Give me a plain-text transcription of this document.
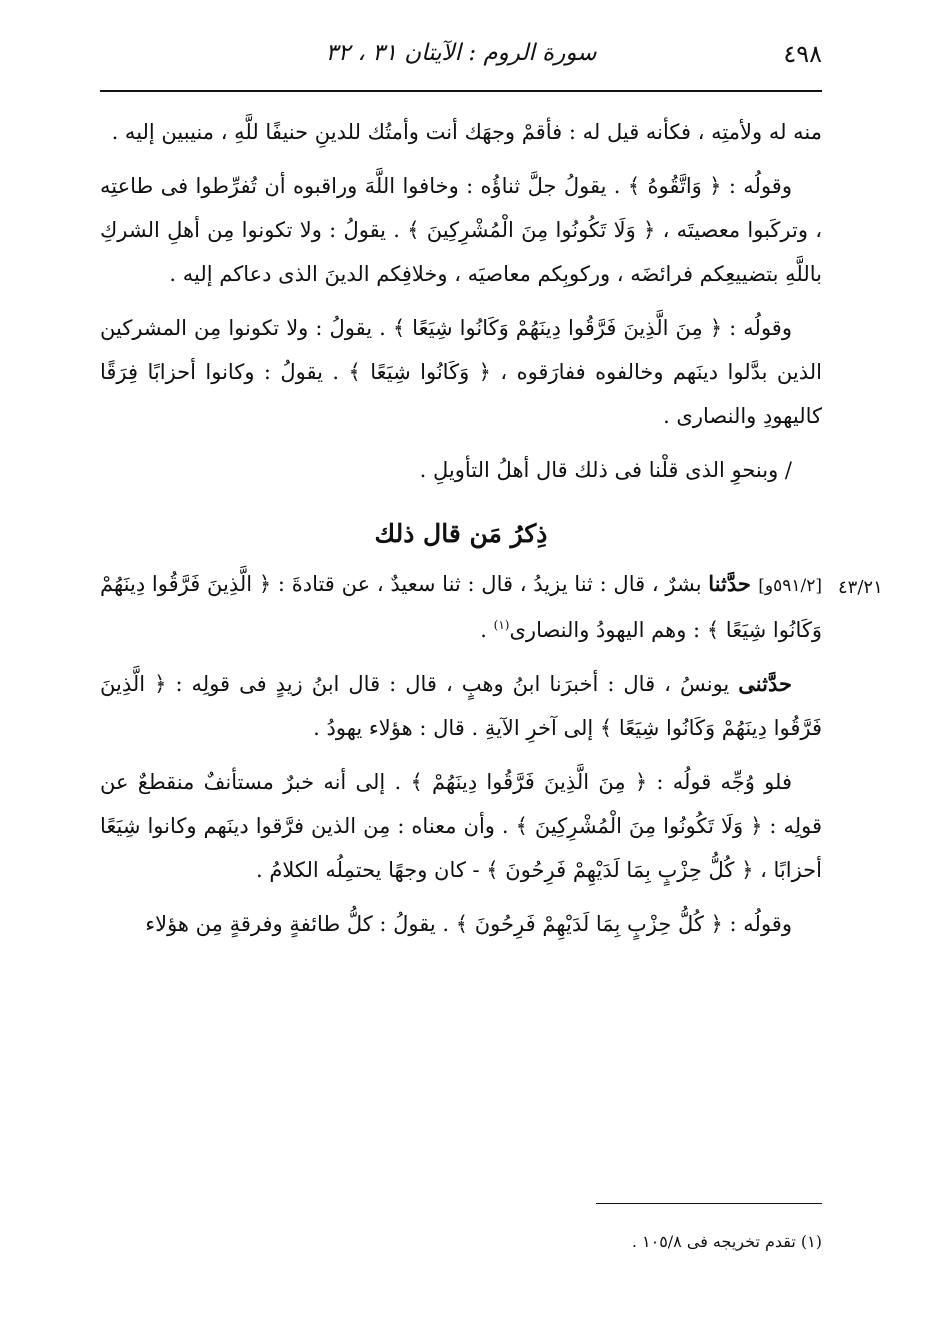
٤٩٨
سورة الروم : الآيتان ٣١ ، ٣٢
٤٣/٢١

منه له ولأمتِه ، فكأنه قيل له : فأقمْ وجهَك أنت وأمتُك للدينِ حنيفًا للَّهِ ، منيبين إليه .

وقولُه : ﴿ وَاتَّقُوهُ ﴾ . يقولُ جلَّ ثناؤُه : وخافوا اللَّهَ وراقبوه أن تُفرِّطوا فى طاعتِه ، وتركَبوا معصيتَه ، ﴿ وَلَا تَكُونُوا مِنَ الْمُشْرِكِينَ ﴾ . يقولُ : ولا تكونوا مِن أهلِ الشركِ باللَّهِ بتضييعِكم فرائضَه ، وركوبِكم معاصيَه ، وخلافِكم الدينَ الذى دعاكم إليه .

وقولُه : ﴿ مِنَ الَّذِينَ فَرَّقُوا دِينَهُمْ وَكَانُوا شِيَعًا ﴾ . يقولُ : ولا تكونوا مِن المشركين الذين بدَّلوا دينَهم وخالفوه ففارَقوه ، ﴿ وَكَانُوا شِيَعًا ﴾ . يقولُ : وكانوا أحزابًا فِرَقًا كاليهودِ والنصارى .

/ وبنحوِ الذى قلْنا فى ذلك قال أهلُ التأويلِ .

ذِكرُ مَن قال ذلك

[٥٩١/٢و] حدَّثنا بشرٌ ، قال : ثنا يزيدُ ، قال : ثنا سعيدٌ ، عن قتادةَ : ﴿ الَّذِينَ فَرَّقُوا دِينَهُمْ وَكَانُوا شِيَعًا ﴾ : وهم اليهودُ والنصارى$^{(١)}$ .

حدَّثنى يونسُ ، قال : أخبرَنا ابنُ وهبٍ ، قال : قال ابنُ زيدٍ فى قولِه : ﴿ الَّذِينَ فَرَّقُوا دِينَهُمْ وَكَانُوا شِيَعًا ﴾ إلى آخرِ الآيةِ . قال : هؤلاء يهودُ .

فلو وُجِّه قولُه : ﴿ مِنَ الَّذِينَ فَرَّقُوا دِينَهُمْ ﴾ . إلى أنه خبرٌ مستأنفٌ منقطعٌ عن قولِه : ﴿ وَلَا تَكُونُوا مِنَ الْمُشْرِكِينَ ﴾ . وأن معناه : مِن الذين فرَّقوا دينَهم وكانوا شِيَعًا أحزابًا ، ﴿ كُلُّ حِزْبٍ بِمَا لَدَيْهِمْ فَرِحُونَ ﴾ - كان وجهًا يحتمِلُه الكلامُ .

وقولُه : ﴿ كُلُّ حِزْبٍ بِمَا لَدَيْهِمْ فَرِحُونَ ﴾ . يقولُ : كلُّ طائفةٍ وفرقةٍ مِن هؤلاء

(١) تقدم تخريجه فى ١٠٥/٨ .
